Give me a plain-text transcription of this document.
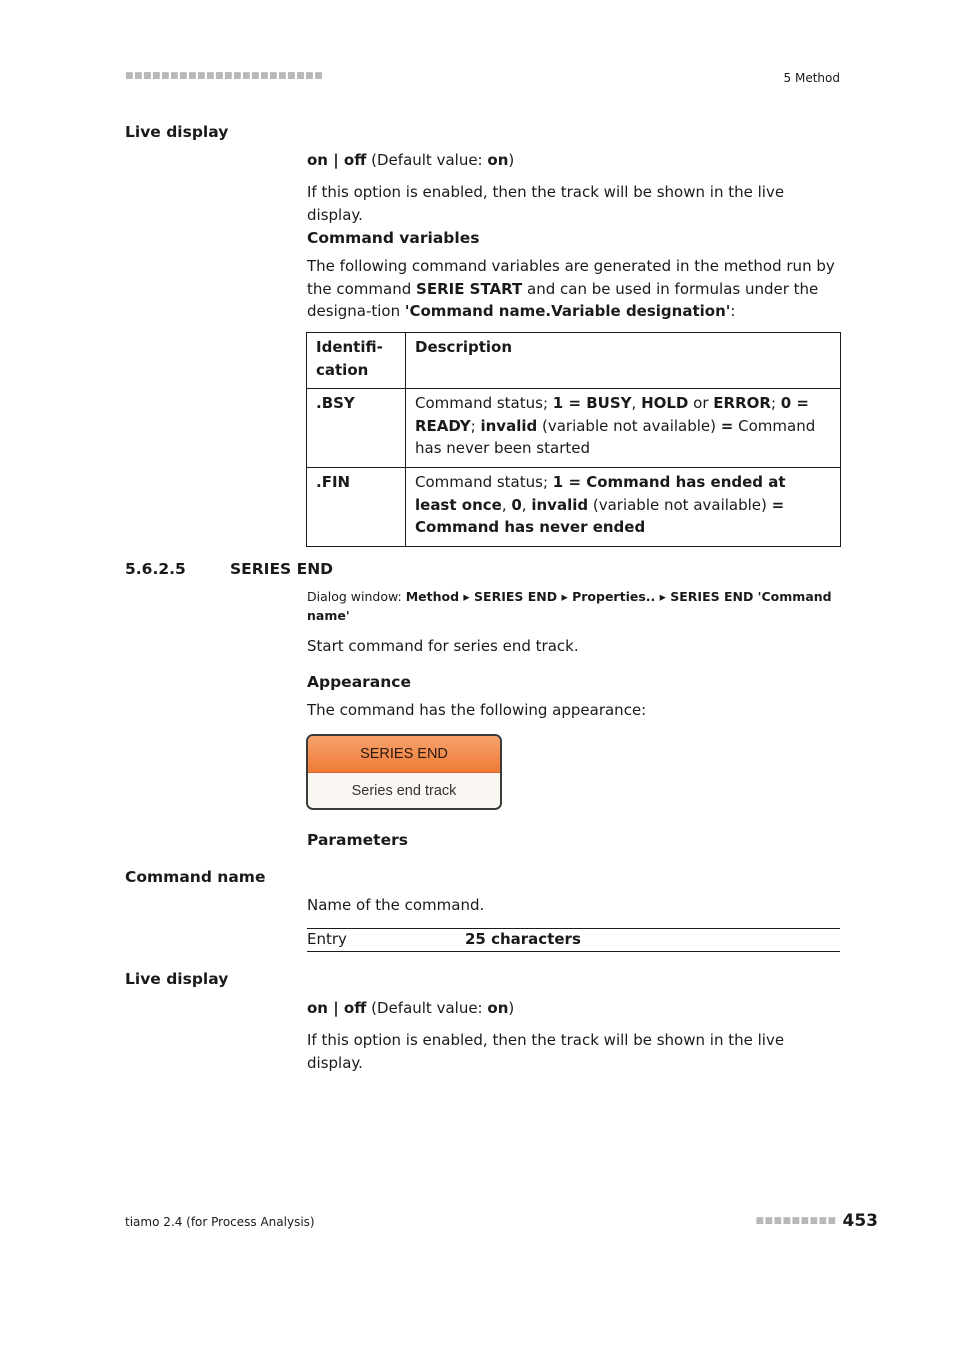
■■■■■■■■■■■■■■■■■■■■■■	5 Method
Live display
on | off (Default value: on)
If this option is enabled, then the track will be shown in the live display.
Command variables
The following command variables are generated in the method run by the command SERIE START and can be used in formulas under the designa-tion 'Command name.Variable designation':
Identifi-cation	Description
.BSY	Command status; 1 = BUSY, HOLD or ERROR; 0 = READY; invalid (variable not available) = Command has never been started
.FIN	Command status; 1 = Command has ended at least once, 0, invalid (variable not available) = Command has never ended
5.6.2.5	SERIES END
Dialog window: Method ▸ SERIES END ▸ Properties.. ▸ SERIES END 'Command name'
Start command for series end track.
Appearance
The command has the following appearance:
SERIES END
Series end track
Parameters
Command name
Name of the command.
Entry	25 characters
Live display
on | off (Default value: on)
If this option is enabled, then the track will be shown in the live display.
tiamo 2.4 (for Process Analysis)	■■■■■■■■■ 453
